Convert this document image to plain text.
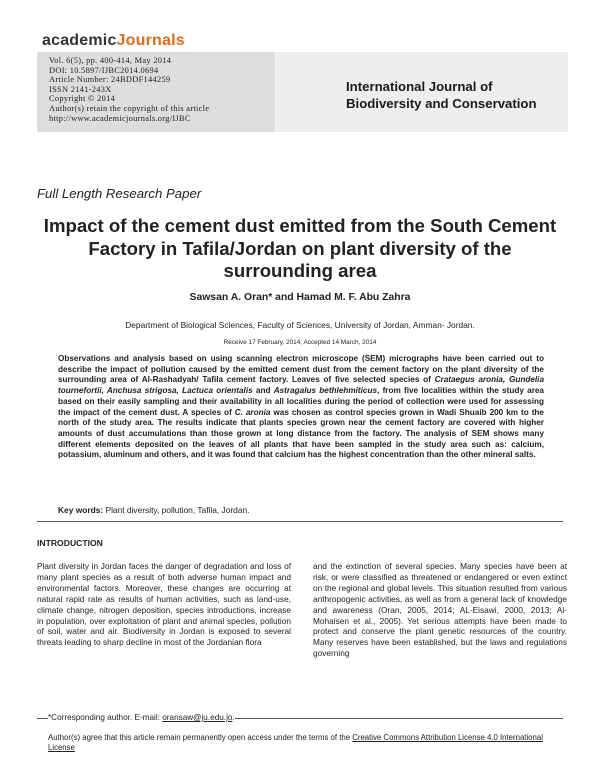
academicJournals
Vol. 6(5), pp. 400-414, May 2014
DOI: 10.5897/IJBC2014.0694
Article Number: 24BDDF144259
ISSN 2141-243X
Copyright © 2014
Author(s) retain the copyright of this article
http://www.academicjournals.org/IJBC
International Journal of Biodiversity and Conservation
Full Length Research Paper
Impact of the cement dust emitted from the South Cement Factory in Tafila/Jordan on plant diversity of the surrounding area
Sawsan A. Oran* and Hamad M. F. Abu Zahra
Department of Biological Sciences, Faculty of Sciences, University of Jordan, Amman- Jordan.
Receive 17 February, 2014; Accepted 14 March, 2014
Observations and analysis based on using scanning electron microscope (SEM) micrographs have been carried out to describe the impact of pollution caused by the emitted cement dust from the cement factory on the plant diversity of the surrounding area of Al-Rashadyah/ Tafila cement factory. Leaves of five selected species of Crataegus aronia, Gundelia tournefortii, Anchusa strigosa, Lactuca orientalis and Astragalus bethlehmiticus, from five localities within the study area based on their easily sampling and their availability in all localities during the period of collection were used for assessing the impact of the cement dust. A species of C. aronia was chosen as control species grown in Wadi Shuaib 200 km to the north of the study area. The results indicate that plants species grown near the cement factory are covered with higher amounts of dust accumulations than those grown at long distance from the factory. The analysis of SEM shows many different elements deposited on the leaves of all plants that have been sampled in the study area such as: calcium, potassium, aluminum and others, and it was found that calcium has the highest concentration than the other mineral salts.
Key words: Plant diversity, pollution, Tafila, Jordan.
INTRODUCTION
Plant diversity in Jordan faces the danger of degradation and loss of many plant species as a result of both adverse human impact and environmental factors. Moreover, these changes are occurring at natural rapid rate as results of human activities, such as land-use, climate change, nitrogen deposition, species introductions, increase in population, over exploitation of plant and animal species, pollution of soil, water and air. Biodiversity in Jordan is exposed to several threats leading to sharp decline in most of the Jordanian flora
and the extinction of several species. Many species have been at risk, or were classified as threatened or endangered or even extinct on the regional and global levels. This situation resulted from various anthropogenic activities, as well as from a general lack of knowledge and awareness (Oran, 2005, 2014; AL-Eisawi, 2000, 2013; Al-Mohaisen et al., 2005). Yet serious attempts have been made to protect and conserve the plant genetic resources of the country. Many reserves have been established, but the laws and regulations governing
*Corresponding author. E-mail: oransaw@ju.edu.jo.
Author(s) agree that this article remain permanently open access under the terms of the Creative Commons Attribution License 4.0 International License
